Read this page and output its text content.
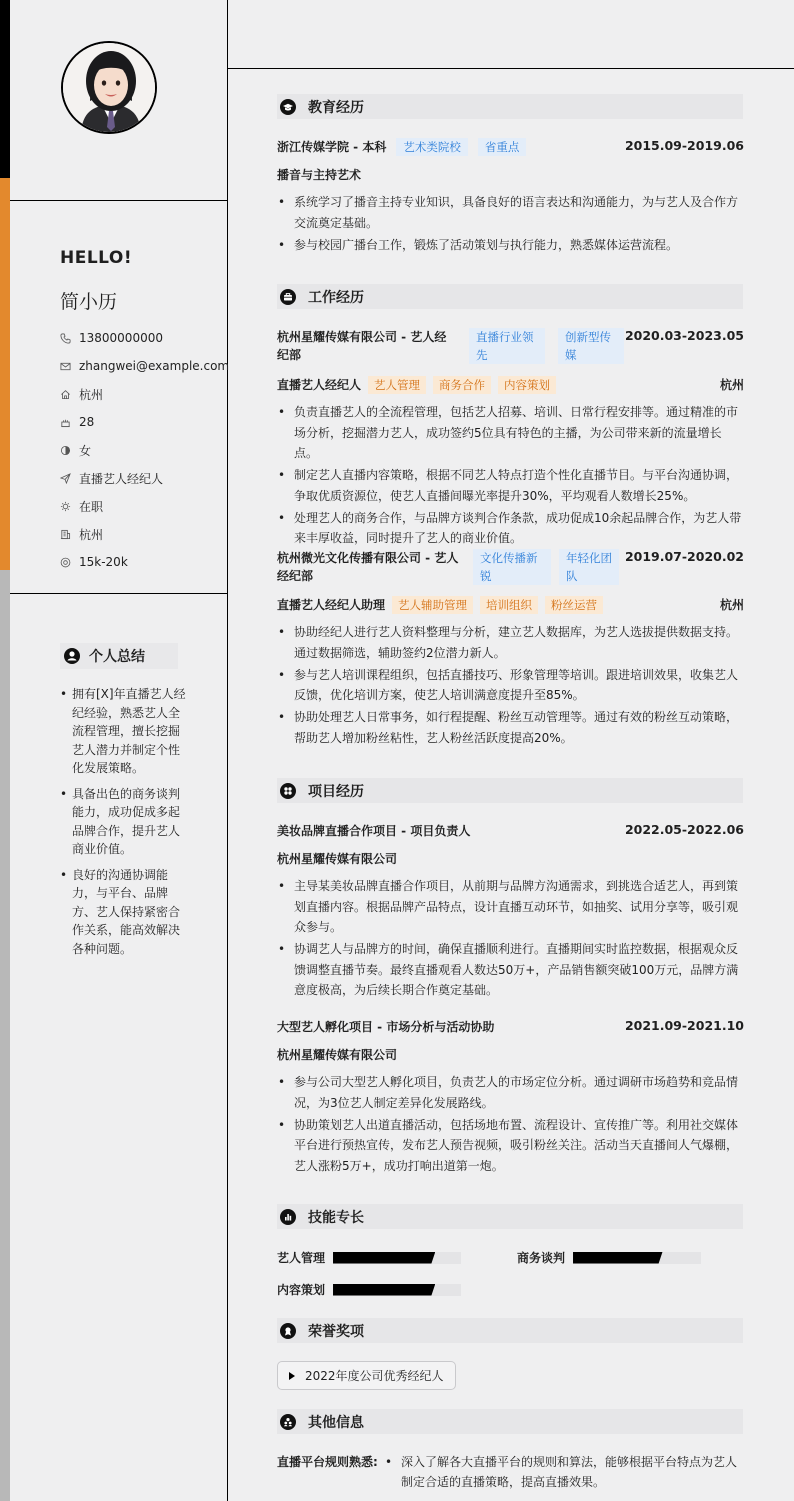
HELLO!
简小历
13800000000
zhangwei@example.com
杭州
28
女
直播艺人经纪人
在职
杭州
15k-20k
个人总结
• 拥有[X]年直播艺人经纪经验，熟悉艺人全流程管理，擅长挖掘艺人潜力并制定个性化发展策略。
• 具备出色的商务谈判能力，成功促成多起品牌合作，提升艺人商业价值。
• 良好的沟通协调能力，与平台、品牌方、艺人保持紧密合作关系，能高效解决各种问题。
教育经历
浙江传媒学院 - 本科 艺术类院校 省重点	2015.09-2019.06
播音与主持艺术
• 系统学习了播音主持专业知识，具备良好的语言表达和沟通能力，为与艺人及合作方交流奠定基础。
• 参与校园广播台工作，锻炼了活动策划与执行能力，熟悉媒体运营流程。
工作经历
杭州星耀传媒有限公司 - 艺人经纪部
直播行业领先
创新型传媒
2020.03-2023.05
直播艺人经纪人 艺人管理 商务合作 内容策划	杭州
• 负责直播艺人的全流程管理，包括艺人招募、培训、日常行程安排等。通过精准的市场分析，挖掘潜力艺人，成功签约5位具有特色的主播，为公司带来新的流量增长点。
• 制定艺人直播内容策略，根据不同艺人特点打造个性化直播节目。与平台沟通协调，争取优质资源位，使艺人直播间曝光率提升30%，平均观看人数增长25%。
• 处理艺人的商务合作，与品牌方谈判合作条款，成功促成10余起品牌合作，为艺人带来丰厚收益，同时提升了艺人的商业价值。
杭州微光文化传播有限公司 - 艺人经纪部
文化传播新锐
年轻化团队
2019.07-2020.02
直播艺人经纪人助理 艺人辅助管理 培训组织 粉丝运营	杭州
• 协助经纪人进行艺人资料整理与分析，建立艺人数据库，为艺人选拔提供数据支持。通过数据筛选，辅助签约2位潜力新人。
• 参与艺人培训课程组织，包括直播技巧、形象管理等培训。跟进培训效果，收集艺人反馈，优化培训方案，使艺人培训满意度提升至85%。
• 协助处理艺人日常事务，如行程提醒、粉丝互动管理等。通过有效的粉丝互动策略，帮助艺人增加粉丝粘性，艺人粉丝活跃度提高20%。
项目经历
美妆品牌直播合作项目 - 项目负责人	2022.05-2022.06
杭州星耀传媒有限公司
• 主导某美妆品牌直播合作项目，从前期与品牌方沟通需求，到挑选合适艺人，再到策划直播内容。根据品牌产品特点，设计直播互动环节，如抽奖、试用分享等，吸引观众参与。
• 协调艺人与品牌方的时间，确保直播顺利进行。直播期间实时监控数据，根据观众反馈调整直播节奏。最终直播观看人数达50万+，产品销售额突破100万元，品牌方满意度极高，为后续长期合作奠定基础。
大型艺人孵化项目 - 市场分析与活动协助	2021.09-2021.10
杭州星耀传媒有限公司
• 参与公司大型艺人孵化项目，负责艺人的市场定位分析。通过调研市场趋势和竞品情况，为3位艺人制定差异化发展路线。
• 协助策划艺人出道直播活动，包括场地布置、流程设计、宣传推广等。利用社交媒体平台进行预热宣传，发布艺人预告视频，吸引粉丝关注。活动当天直播间人气爆棚，艺人涨粉5万+，成功打响出道第一炮。
技能专长
艺人管理	商务谈判
内容策划
荣誉奖项
2022年度公司优秀经纪人
其他信息
直播平台规则熟悉: • 深入了解各大直播平台的规则和算法，能够根据平台特点为艺人制定合适的直播策略，提高直播效果。
